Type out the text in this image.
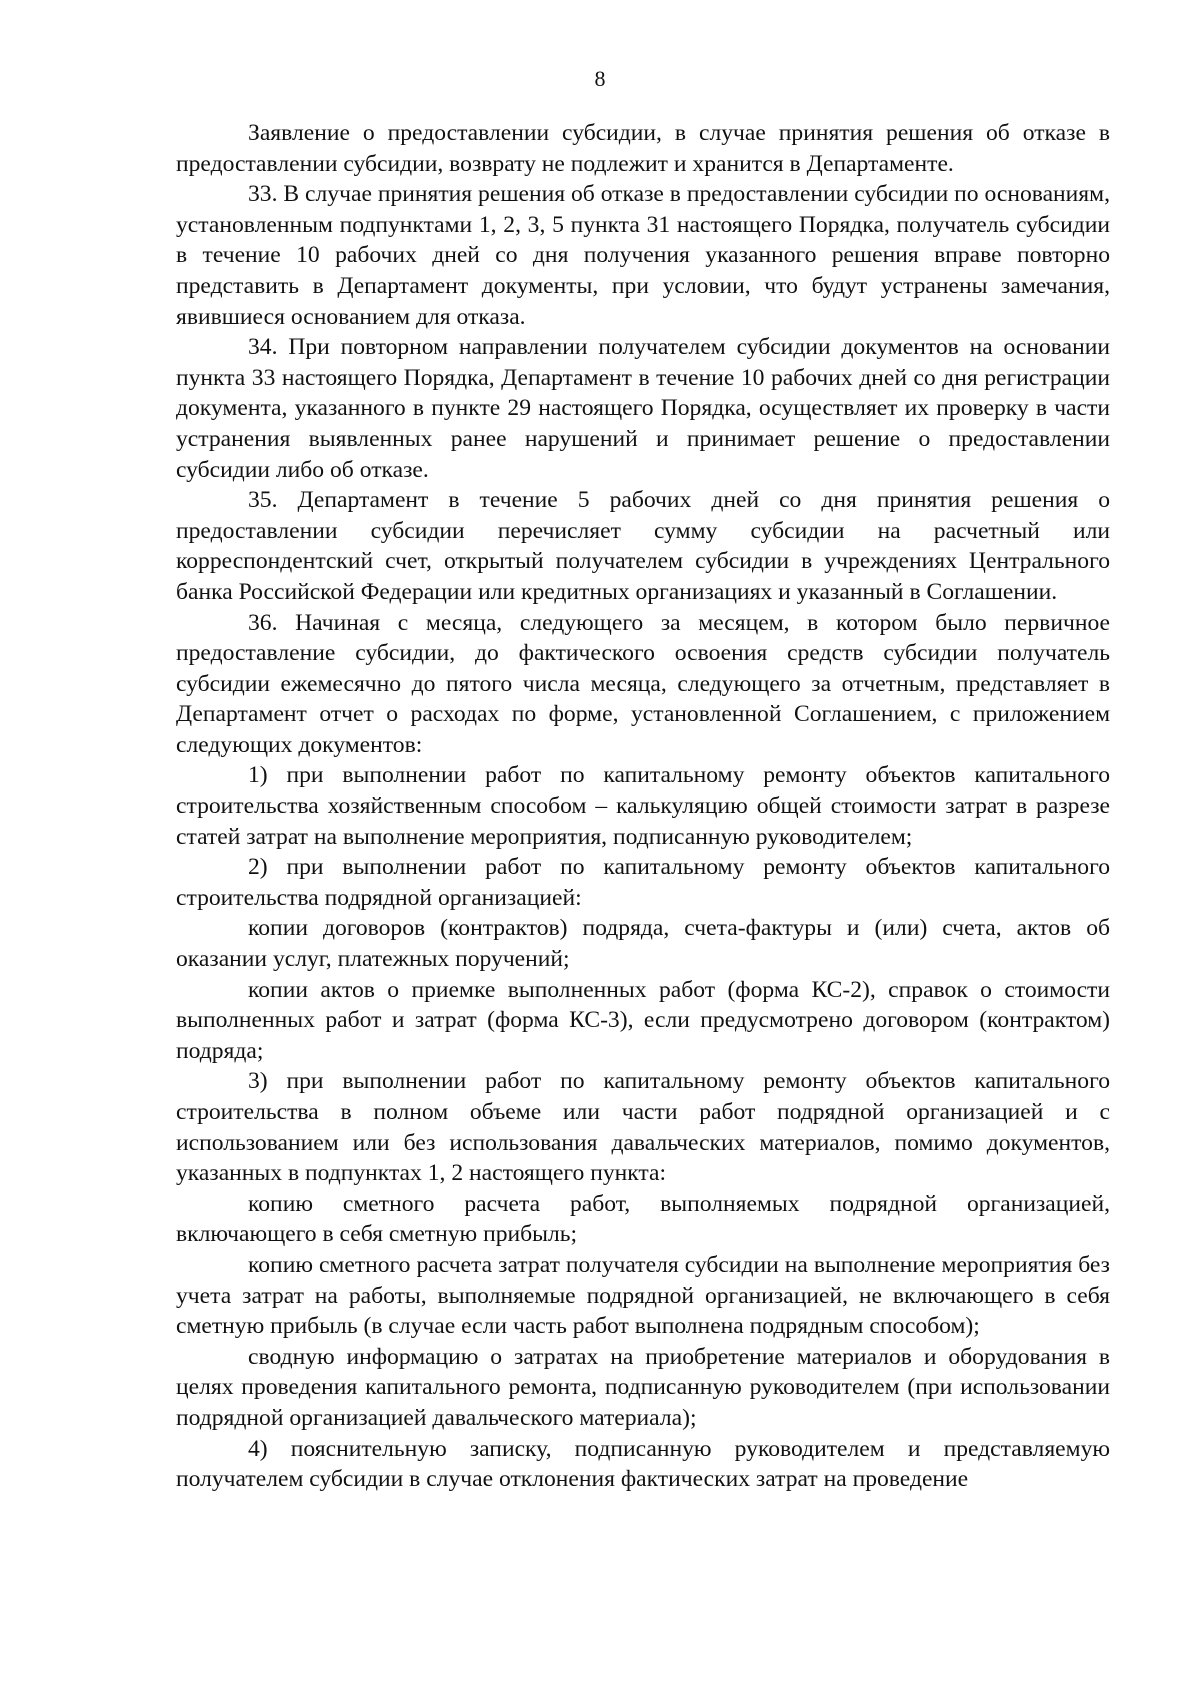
8

Заявление о предоставлении субсидии, в случае принятия решения об отказе в предоставлении субсидии, возврату не подлежит и хранится в Департаменте.

33. В случае принятия решения об отказе в предоставлении субсидии по основаниям, установленным подпунктами 1, 2, 3, 5 пункта 31 настоящего Порядка, получатель субсидии в течение 10 рабочих дней со дня получения указанного решения вправе повторно представить в Департамент документы, при условии, что будут устранены замечания, явившиеся основанием для отказа.

34. При повторном направлении получателем субсидии документов на основании пункта 33 настоящего Порядка, Департамент в течение 10 рабочих дней со дня регистрации документа, указанного в пункте 29 настоящего Порядка, осуществляет их проверку в части устранения выявленных ранее нарушений и принимает решение о предоставлении субсидии либо об отказе.

35. Департамент в течение 5 рабочих дней со дня принятия решения о предоставлении субсидии перечисляет сумму субсидии на расчетный или корреспондентский счет, открытый получателем субсидии в учреждениях Центрального банка Российской Федерации или кредитных организациях и указанный в Соглашении.

36. Начиная с месяца, следующего за месяцем, в котором было первичное предоставление субсидии, до фактического освоения средств субсидии получатель субсидии ежемесячно до пятого числа месяца, следующего за отчетным, представляет в Департамент отчет о расходах по форме, установленной Соглашением, с приложением следующих документов:

1) при выполнении работ по капитальному ремонту объектов капитального строительства хозяйственным способом – калькуляцию общей стоимости затрат в разрезе статей затрат на выполнение мероприятия, подписанную руководителем;

2) при выполнении работ по капитальному ремонту объектов капитального строительства подрядной организацией:

копии договоров (контрактов) подряда, счета-фактуры и (или) счета, актов об оказании услуг, платежных поручений;

копии актов о приемке выполненных работ (форма КС-2), справок о стоимости выполненных работ и затрат (форма КС-3), если предусмотрено договором (контрактом) подряда;

3) при выполнении работ по капитальному ремонту объектов капитального строительства в полном объеме или части работ подрядной организацией и с использованием или без использования давальческих материалов, помимо документов, указанных в подпунктах 1, 2 настоящего пункта:

копию сметного расчета работ, выполняемых подрядной организацией, включающего в себя сметную прибыль;

копию сметного расчета затрат получателя субсидии на выполнение мероприятия без учета затрат на работы, выполняемые подрядной организацией, не включающего в себя сметную прибыль (в случае если часть работ выполнена подрядным способом);

сводную информацию о затратах на приобретение материалов и оборудования в целях проведения капитального ремонта, подписанную руководителем (при использовании подрядной организацией давальческого материала);

4) пояснительную записку, подписанную руководителем и представляемую получателем субсидии в случае отклонения фактических затрат на проведение
